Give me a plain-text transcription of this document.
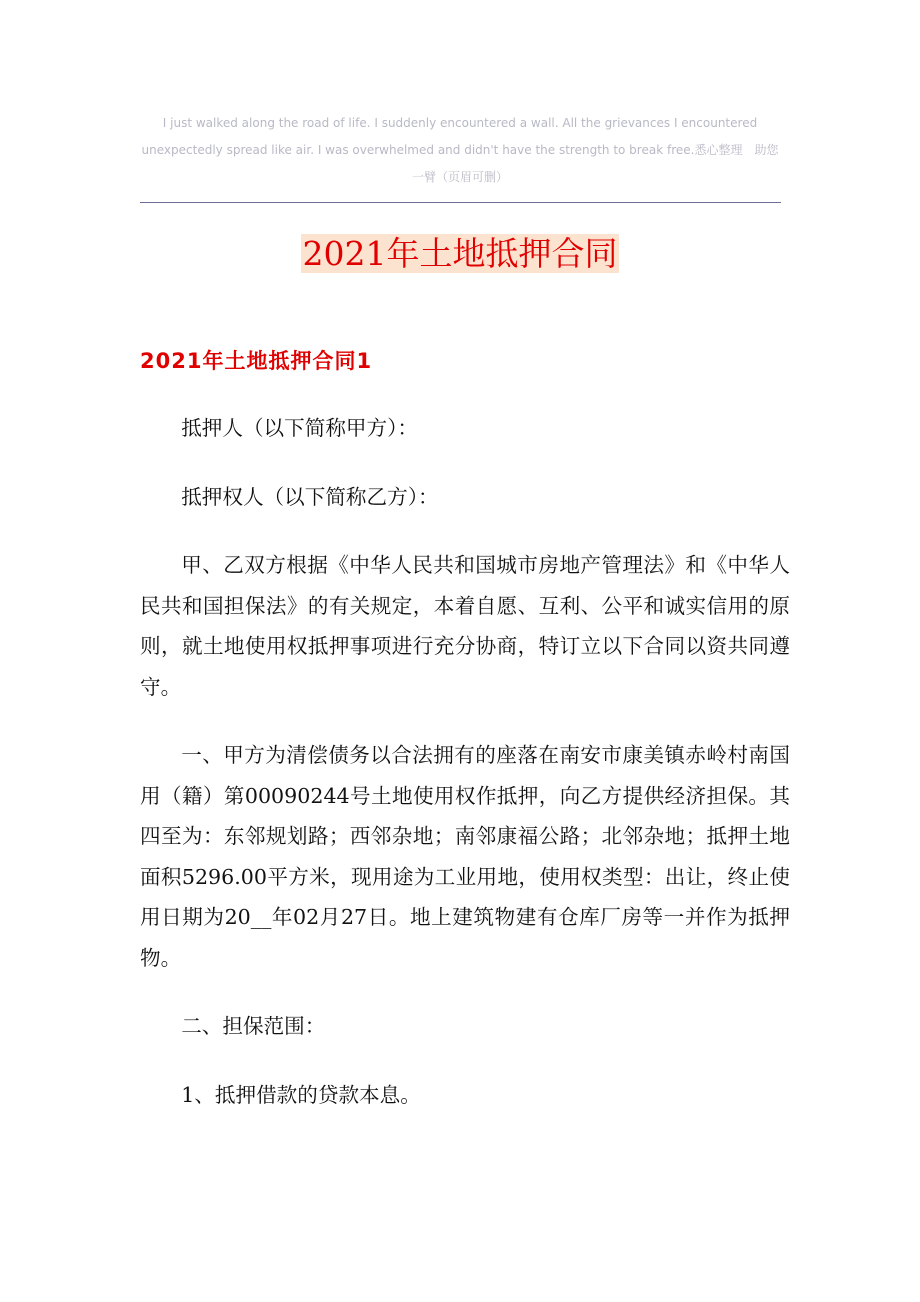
I just walked along the road of life. I suddenly encountered a wall. All the grievances I encountered unexpectedly spread like air. I was overwhelmed and didn't have the strength to break free.悉心整理　助您一臂（页眉可删）
2021年土地抵押合同
2021年土地抵押合同1

抵押人（以下简称甲方）：

抵押权人（以下简称乙方）：

甲、乙双方根据《中华人民共和国城市房地产管理法》和《中华人民共和国担保法》的有关规定，本着自愿、互利、公平和诚实信用的原则，就土地使用权抵押事项进行充分协商，特订立以下合同以资共同遵守。

一、甲方为清偿债务以合法拥有的座落在南安市康美镇赤岭村南国用（籍）第00090244号土地使用权作抵押，向乙方提供经济担保。其四至为：东邻规划路；西邻杂地；南邻康福公路；北邻杂地；抵押土地面积5296.00平方米，现用途为工业用地，使用权类型：出让，终止使用日期为20__年02月27日。地上建筑物建有仓库厂房等一并作为抵押物。

二、担保范围：

1、抵押借款的贷款本息。
